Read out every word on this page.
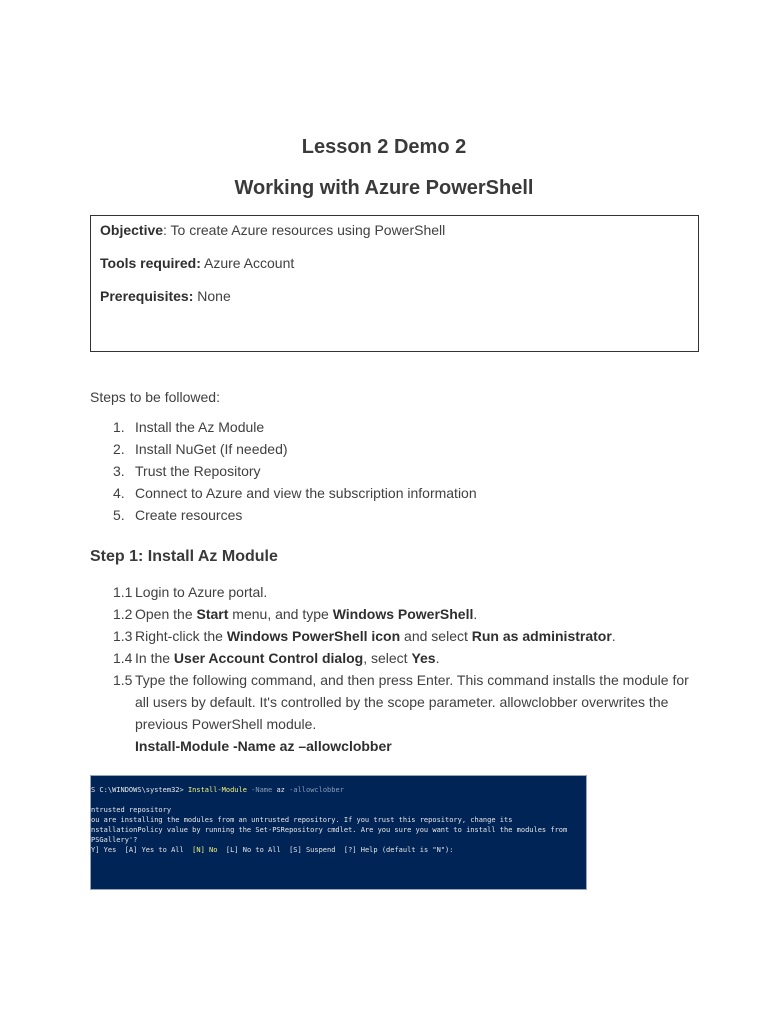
Lesson 2 Demo 2
Working with Azure PowerShell
Objective: To create Azure resources using PowerShell
Tools required: Azure Account
Prerequisites: None
Steps to be followed:
1. Install the Az Module
2. Install NuGet (If needed)
3. Trust the Repository
4. Connect to Azure and view the subscription information
5. Create resources
Step 1: Install Az Module
1.1 Login to Azure portal.
1.2 Open the Start menu, and type Windows PowerShell.
1.3 Right-click the Windows PowerShell icon and select Run as administrator.
1.4 In the User Account Control dialog, select Yes.
1.5 Type the following command, and then press Enter. This command installs the module for all users by default. It's controlled by the scope parameter. allowclobber overwrites the previous PowerShell module.
Install-Module -Name az –allowclobber
S C:\WINDOWS\system32> Install-Module -Name az -allowclobber
ntrusted repository
ou are installing the modules from an untrusted repository. If you trust this repository, change its
nstallationPolicy value by running the Set-PSRepository cmdlet. Are you sure you want to install the modules from
PSGallery'?
Y] Yes  [A] Yes to All  [N] No  [L] No to All  [S] Suspend  [?] Help (default is "N"):
